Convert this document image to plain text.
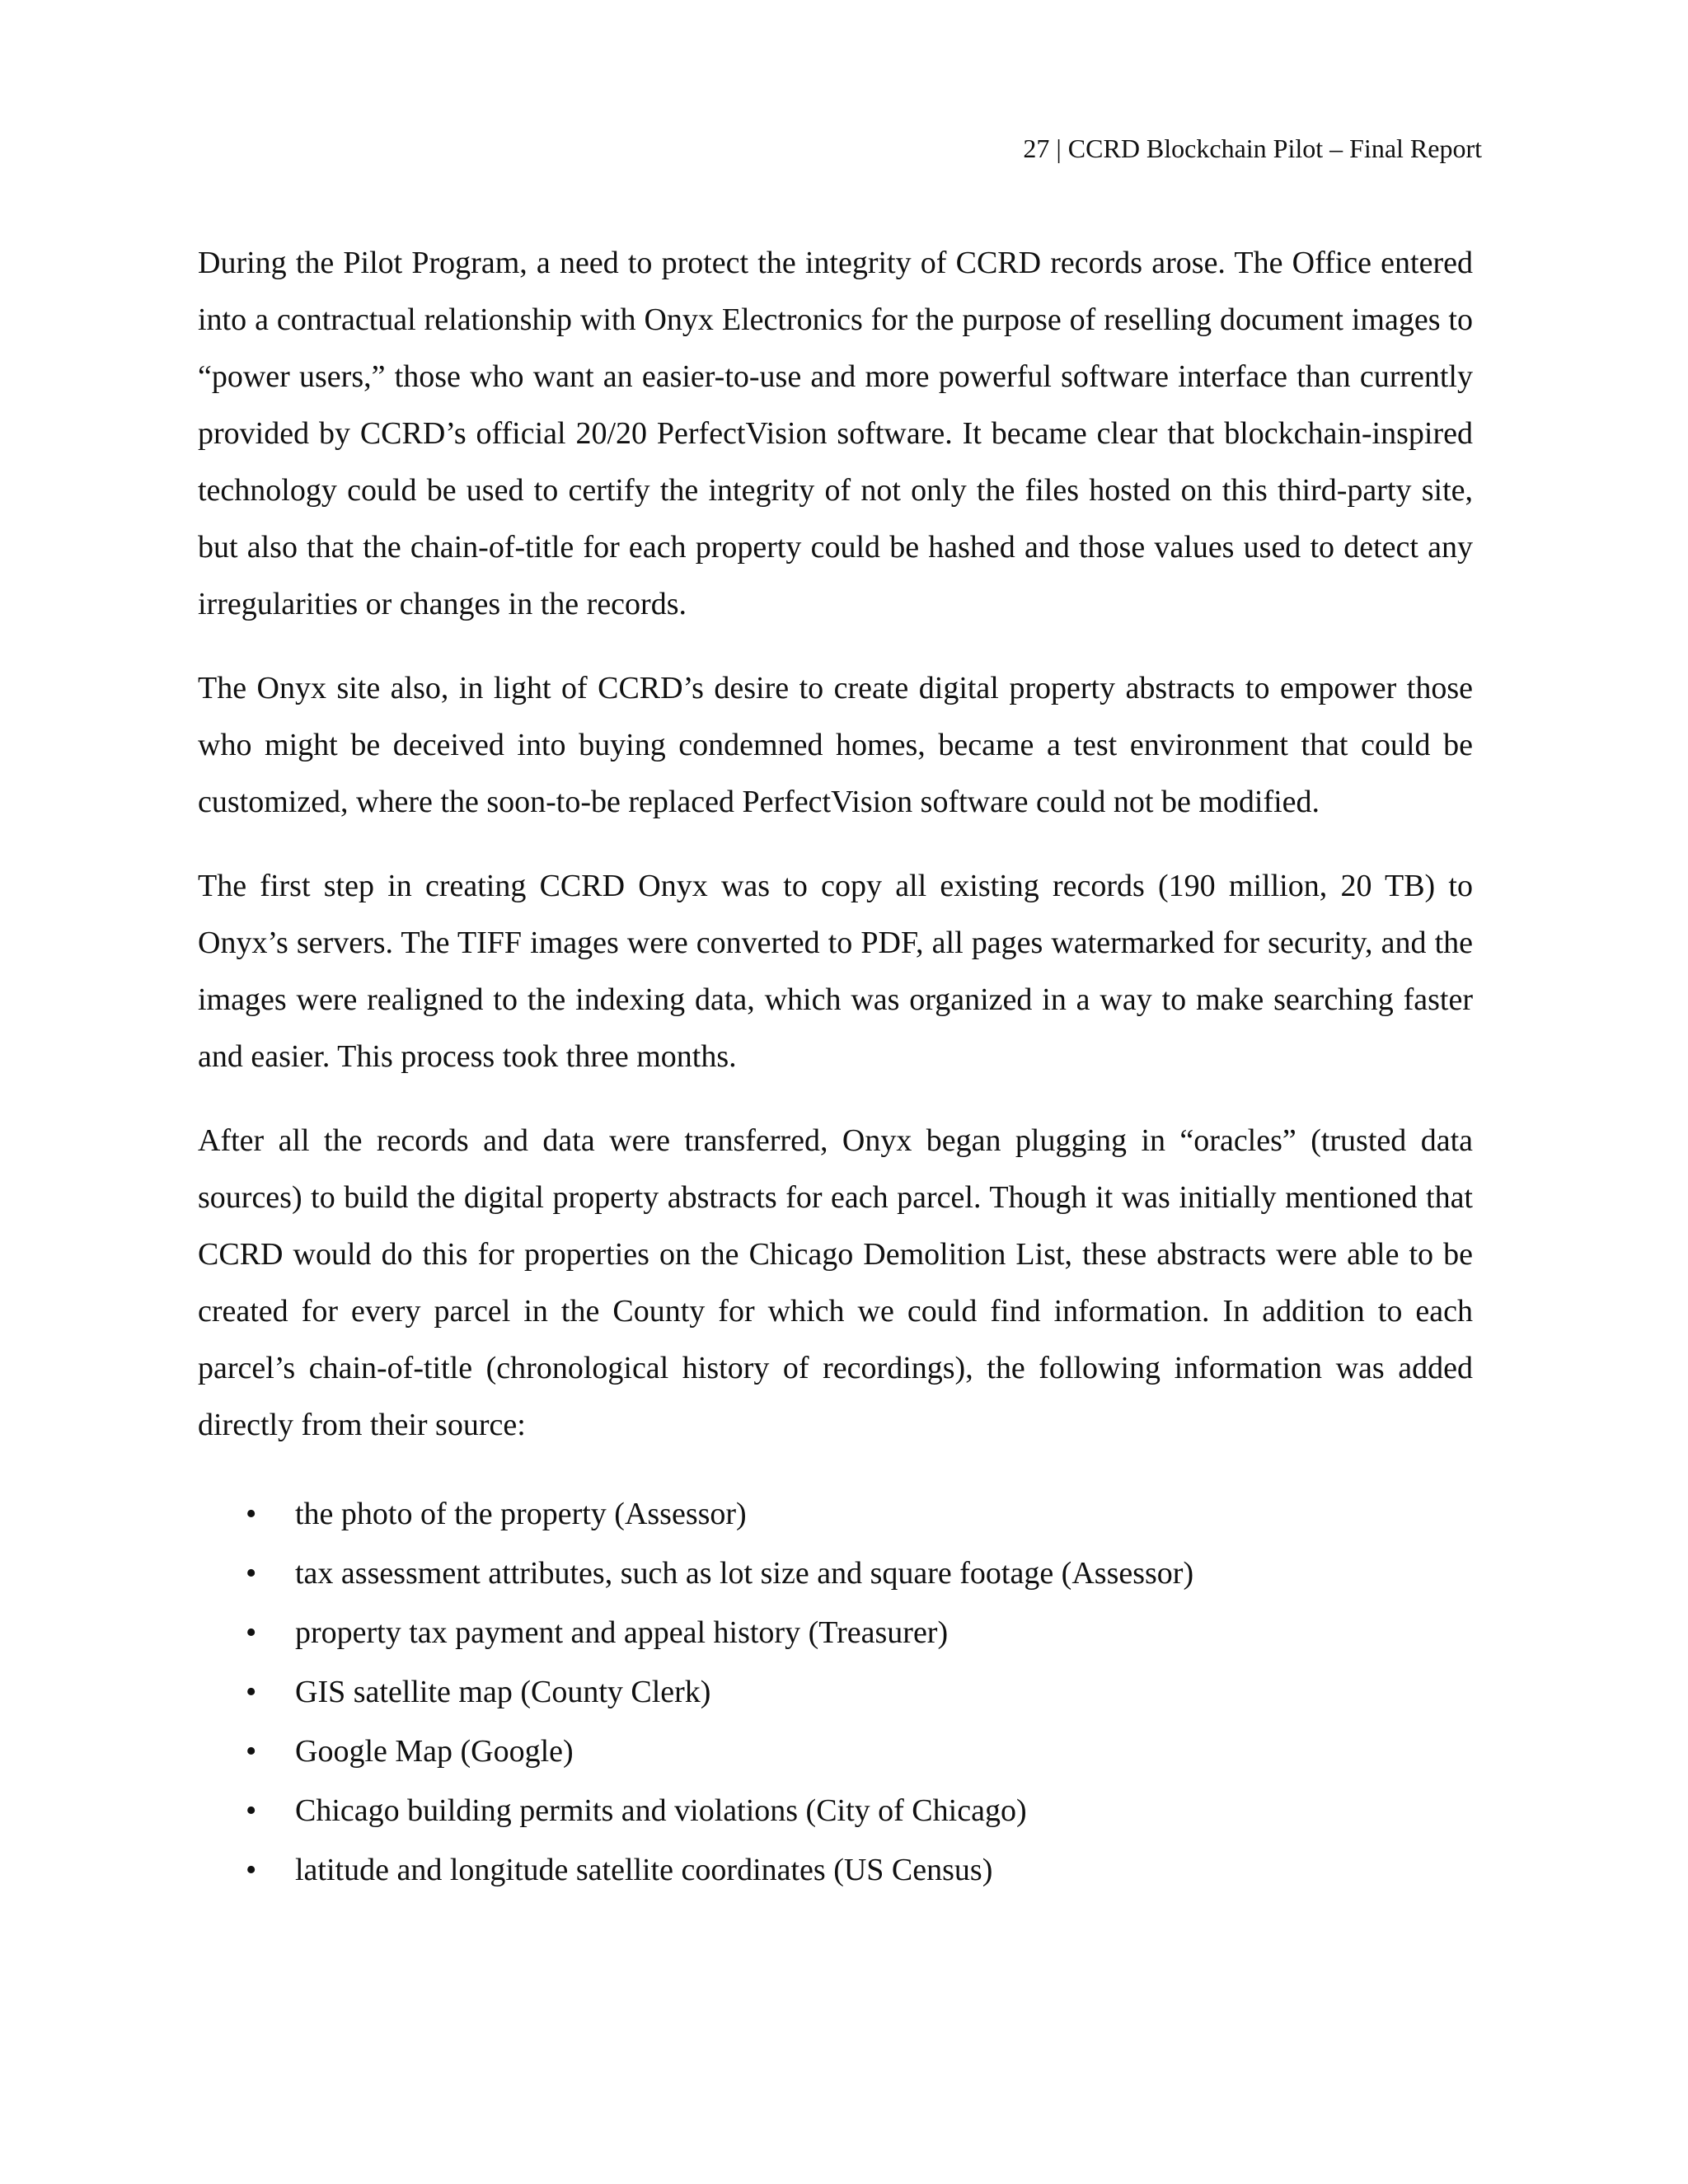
27 | CCRD Blockchain Pilot – Final Report

During the Pilot Program, a need to protect the integrity of CCRD records arose. The Office entered into a contractual relationship with Onyx Electronics for the purpose of reselling document images to “power users,” those who want an easier-to-use and more powerful software interface than currently provided by CCRD’s official 20/20 PerfectVision software. It became clear that blockchain-inspired technology could be used to certify the integrity of not only the files hosted on this third-party site, but also that the chain-of-title for each property could be hashed and those values used to detect any irregularities or changes in the records.

The Onyx site also, in light of CCRD’s desire to create digital property abstracts to empower those who might be deceived into buying condemned homes, became a test environment that could be customized, where the soon-to-be replaced PerfectVision software could not be modified.

The first step in creating CCRD Onyx was to copy all existing records (190 million, 20 TB) to Onyx’s servers. The TIFF images were converted to PDF, all pages watermarked for security, and the images were realigned to the indexing data, which was organized in a way to make searching faster and easier. This process took three months.

After all the records and data were transferred, Onyx began plugging in “oracles” (trusted data sources) to build the digital property abstracts for each parcel. Though it was initially mentioned that CCRD would do this for properties on the Chicago Demolition List, these abstracts were able to be created for every parcel in the County for which we could find information. In addition to each parcel’s chain-of-title (chronological history of recordings), the following information was added directly from their source:

• the photo of the property (Assessor)
• tax assessment attributes, such as lot size and square footage (Assessor)
• property tax payment and appeal history (Treasurer)
• GIS satellite map (County Clerk)
• Google Map (Google)
• Chicago building permits and violations (City of Chicago)
• latitude and longitude satellite coordinates (US Census)
